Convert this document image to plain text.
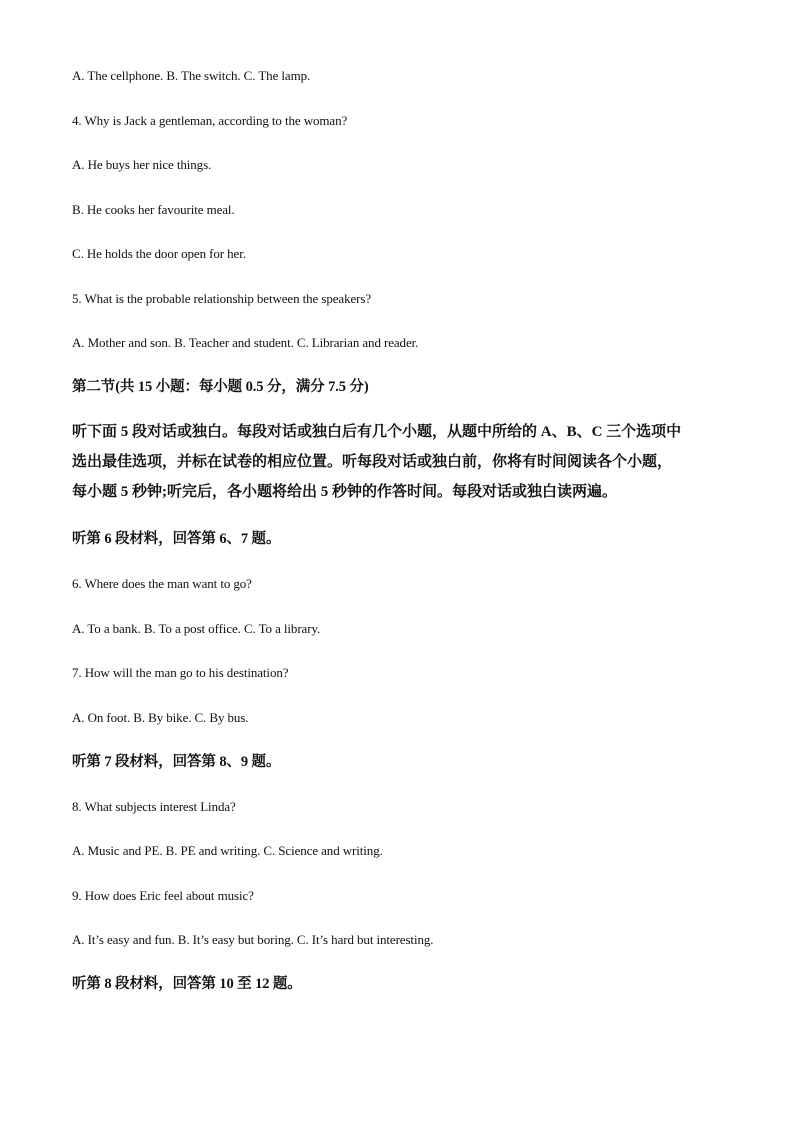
A. The cellphone. B. The switch. C. The lamp.
4. Why is Jack a gentleman, according to the woman?
A. He buys her nice things.
B. He cooks her favourite meal.
C. He holds the door open for her.
5. What is the probable relationship between the speakers?
A. Mother and son. B. Teacher and student. C. Librarian and reader.
第二节(共 15 小题：每小题 0.5 分，满分 7.5 分)
听下面 5 段对话或独白。每段对话或独白后有几个小题，从题中所给的 A、B、C 三个选项中
选出最佳选项，并标在试卷的相应位置。听每段对话或独白前，你将有时间阅读各个小题，
每小题 5 秒钟;听完后，各小题将给出 5 秒钟的作答时间。每段对话或独白读两遍。
听第 6 段材料，回答第 6、7 题。
6. Where does the man want to go?
A. To a bank. B. To a post office. C. To a library.
7. How will the man go to his destination?
A. On foot. B. By bike. C. By bus.
听第 7 段材料，回答第 8、9 题。
8. What subjects interest Linda?
A. Music and PE. B. PE and writing. C. Science and writing.
9. How does Eric feel about music?
A. It’s easy and fun. B. It’s easy but boring. C. It’s hard but interesting.
听第 8 段材料，回答第 10 至 12 题。
